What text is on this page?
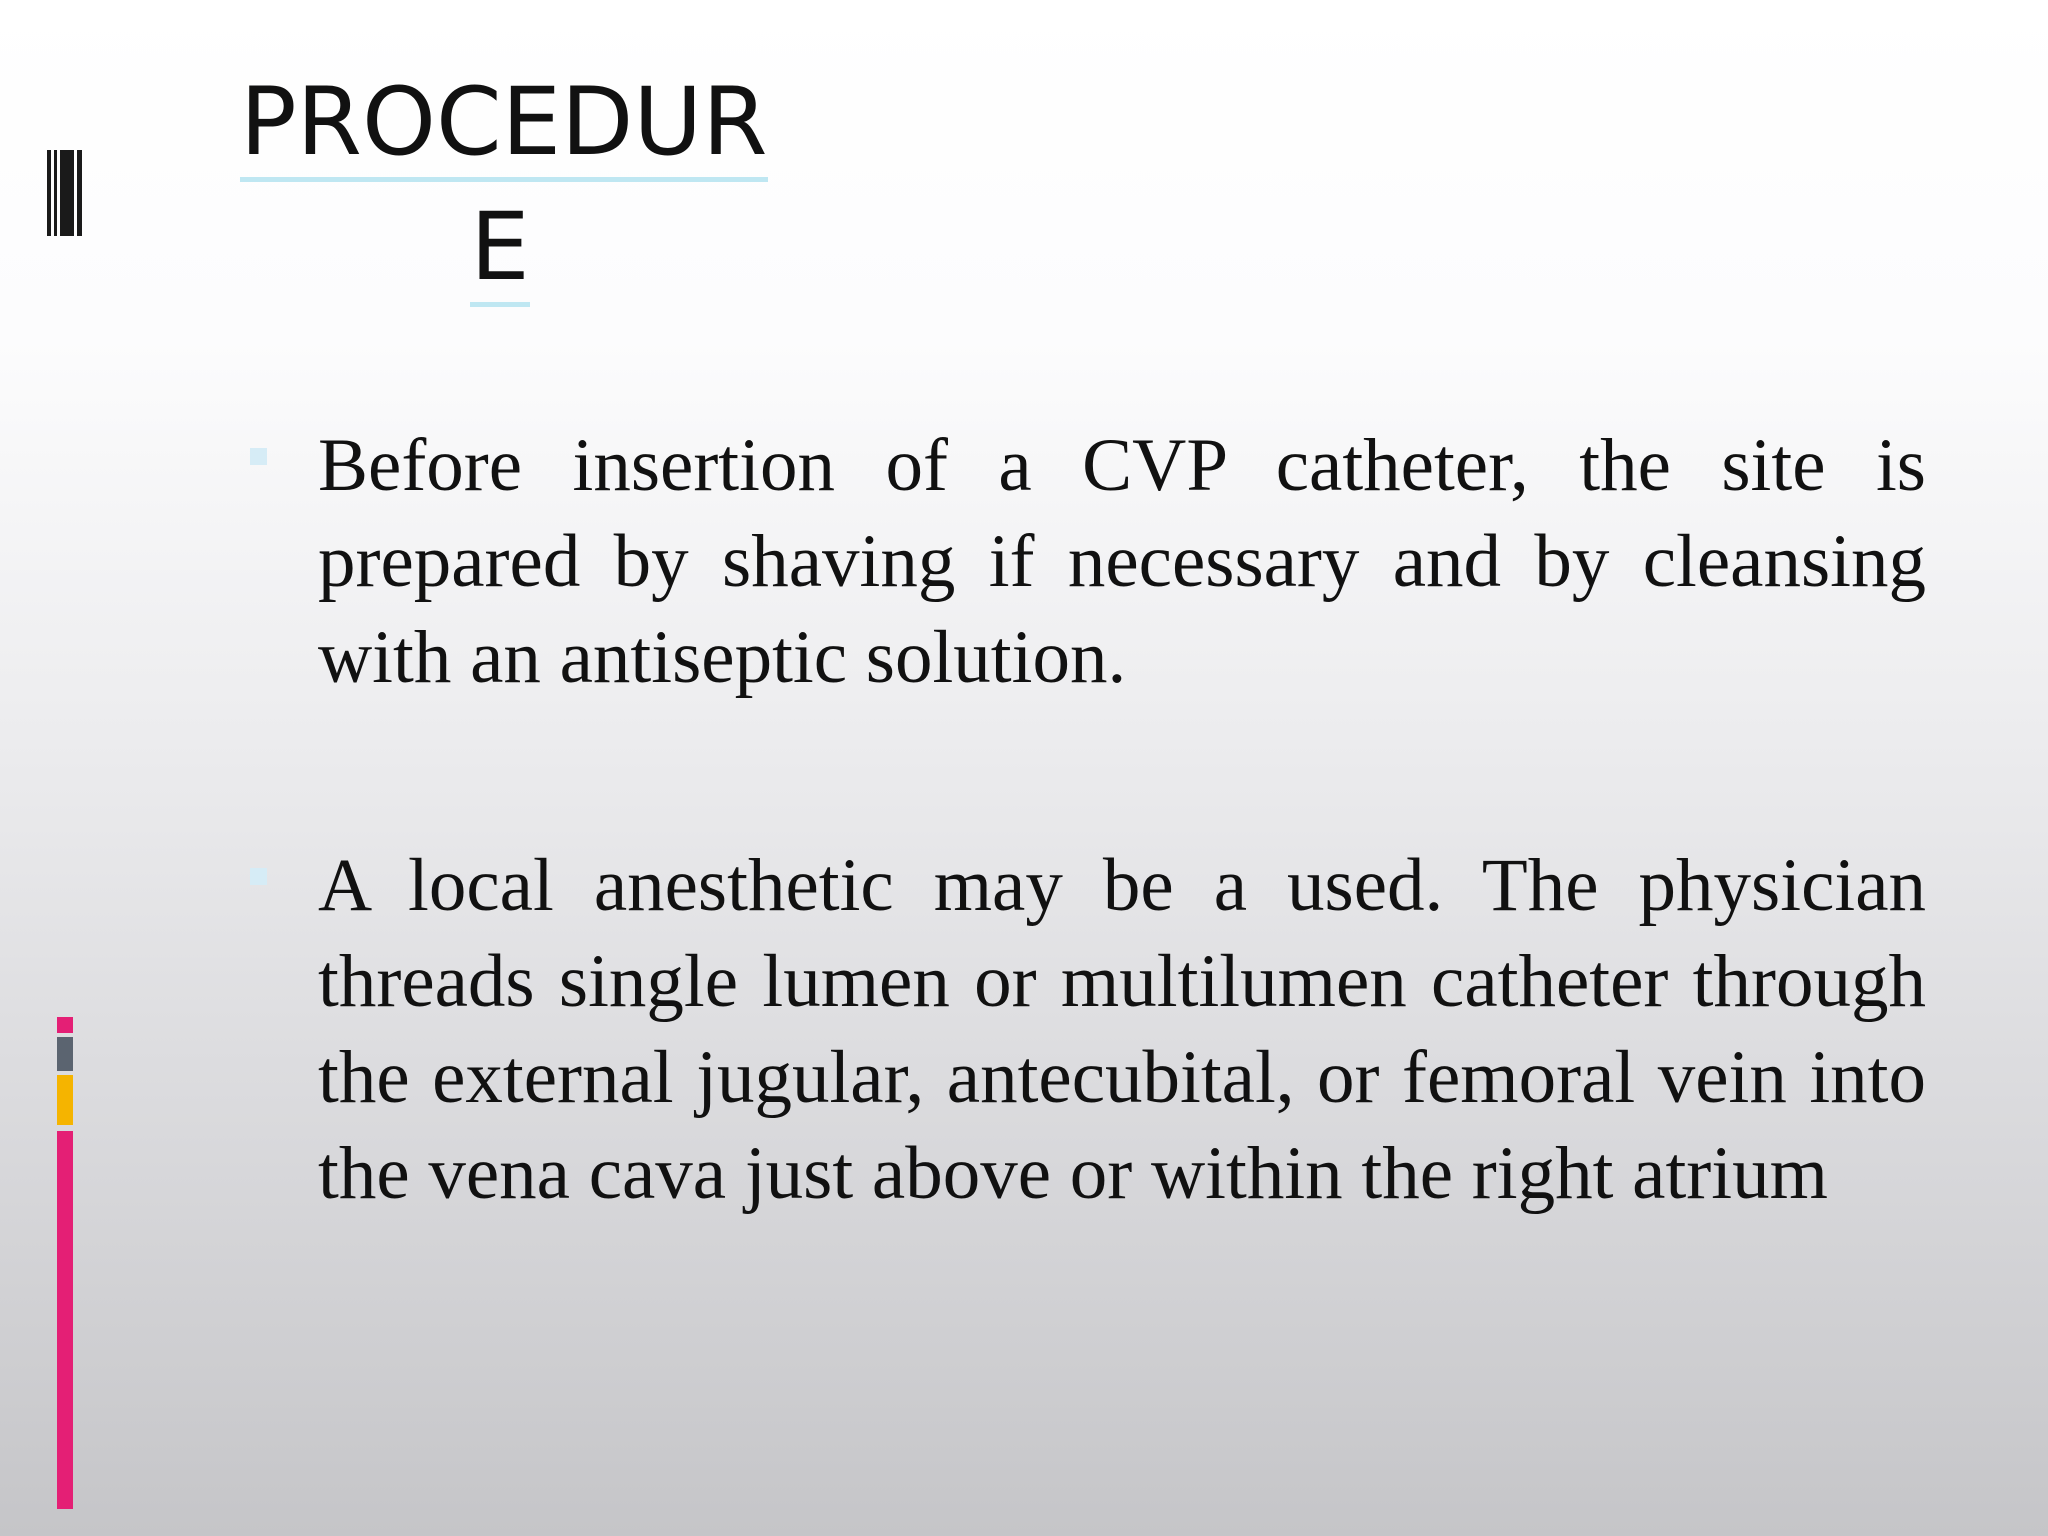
PROCEDUR
E
Before insertion of a CVP catheter, the site is prepared by shaving if necessary and by cleansing with an antiseptic solution.
A local anesthetic may be a used. The physician threads single lumen or multilumen catheter through the external jugular, antecubital, or femoral vein into the vena cava just above or within the right atrium
